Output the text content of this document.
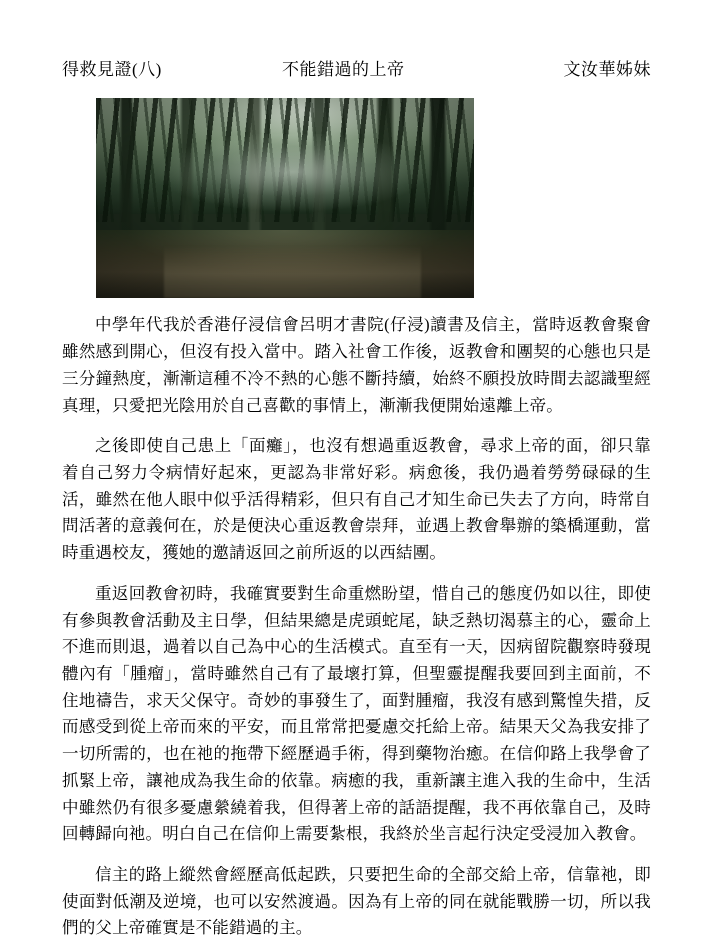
得救見證(八)	不能錯過的上帝	文汝華姊妹

中學年代我於香港仔浸信會呂明才書院(仔浸)讀書及信主，當時返教會聚會雖然感到開心，但沒有投入當中。踏入社會工作後，返教會和團契的心態也只是三分鐘熱度，漸漸這種不冷不熱的心態不斷持續，始終不願投放時間去認識聖經真理，只愛把光陰用於自己喜歡的事情上，漸漸我便開始遠離上帝。

之後即使自己患上「面癱」，也沒有想過重返教會，尋求上帝的面，卻只靠着自己努力令病情好起來，更認為非常好彩。病愈後，我仍過着勞勞碌碌的生活，雖然在他人眼中似乎活得精彩，但只有自己才知生命已失去了方向，時常自問活著的意義何在，於是便決心重返教會崇拜，並遇上教會舉辦的築橋運動，當時重遇校友，獲她的邀請返回之前所返的以西結團。

重返回教會初時，我確實要對生命重燃盼望，惜自己的態度仍如以往，即使有參與教會活動及主日學，但結果總是虎頭蛇尾，缺乏熱切渴慕主的心，靈命上不進而則退，過着以自己為中心的生活模式。直至有一天，因病留院觀察時發現體內有「腫瘤」，當時雖然自己有了最壞打算，但聖靈提醒我要回到主面前，不住地禱告，求天父保守。奇妙的事發生了，面對腫瘤，我沒有感到驚惶失措，反而感受到從上帝而來的平安，而且常常把憂慮交托給上帝。結果天父為我安排了一切所需的，也在祂的拖帶下經歷過手術，得到藥物治癒。在信仰路上我學會了抓緊上帝，讓祂成為我生命的依靠。病癒的我，重新讓主進入我的生命中，生活中雖然仍有很多憂慮縈繞着我，但得著上帝的話語提醒，我不再依靠自己，及時回轉歸向祂。明白自己在信仰上需要紮根，我終於坐言起行決定受浸加入教會。

信主的路上縱然會經歷高低起跌，只要把生命的全部交給上帝，信靠祂，即使面對低潮及逆境，也可以安然渡過。因為有上帝的同在就能戰勝一切，所以我們的父上帝確實是不能錯過的主。
